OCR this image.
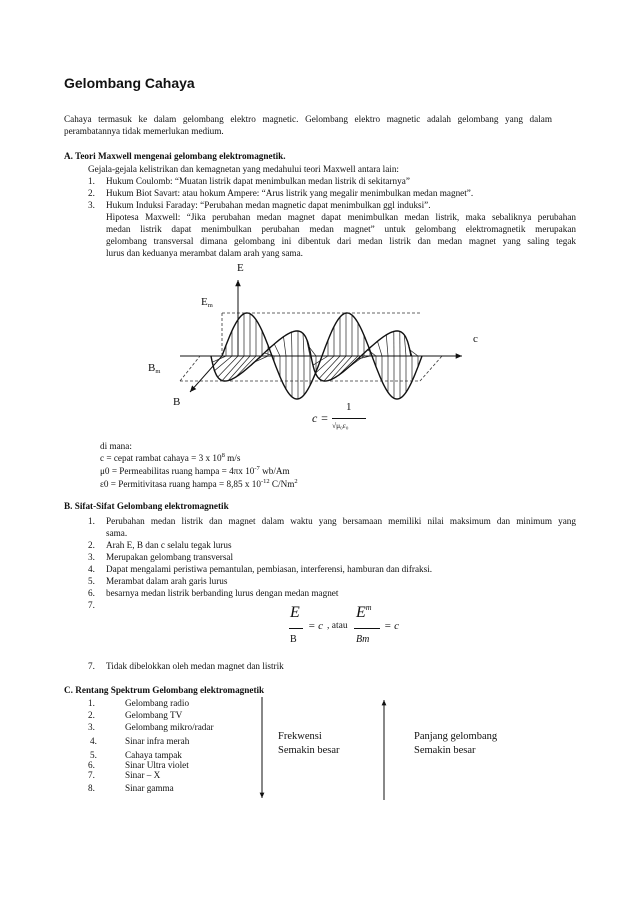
Gelombang Cahaya
Cahaya termasuk ke dalam gelombang elektro magnetic. Gelombang elektro magnetic adalah gelombang yang dalam perambatannya tidak memerlukan medium.
A. Teori Maxwell mengenai gelombang elektromagnetik.
Gejala-gejala kelistrikan dan kemagnetan yang medahului teori Maxwell antara lain:
1. Hukum Coulomb: “Muatan listrik dapat menimbulkan medan listrik di sekitarnya”
2. Hukum Biot Savart: atau hokum Ampere: “Arus listrik yang megalir menimbulkan medan magnet”.
3. Hukum Induksi Faraday: “Perubahan medan magnetic dapat menimbulkan ggl induksi”.
Hipotesa Maxwell: “Jika perubahan medan magnet dapat menimbulkan medan listrik, maka sebaliknya perubahan
medan listrik dapat menimbulkan perubahan medan magnet” untuk gelombang elektromagnetik merupakan
gelombang transversal dimana gelombang ini dibentuk dari medan listrik dan medan magnet yang saling tegak
lurus dan keduanya merambat dalam arah yang sama.
E
$E_m$
c
$B_m$
B
c =
1
√μ₀ε₀
di mana:
c = cepat rambat cahaya = 3 x $10^8$ m/s
μ0 = Permeabilitas ruang hampa = 4πx $10^{-7}$ wb/Am
ε0 = Permitivitasa ruang hampa = 8,85 x $10^{-12}$ C/Nm$^2$
B. Sifat-Sifat Gelombang elektromagnetik
1. Perubahan medan listrik dan magnet dalam waktu yang bersamaan memiliki nilai maksimum dan minimum yang
sama.
2. Arah E, B dan c selalu tegak lurus
3. Merupakan gelombang transversal
4. Dapat mengalami peristiwa pemantulan, pembiasan, interferensi, hamburan dan difraksi.
5. Merambat dalam arah garis lurus
6. besarnya medan listrik berbanding lurus dengan medan magnet
7.	E
B
= c , atau
$E^m$
Bm
= c
7. Tidak dibelokkan oleh medan magnet dan listrik
C. Rentang Spektrum Gelombang elektromagnetik
1.	Gelombang radio
2.	Gelombang TV
3.	Gelombang mikro/radar
4.	Sinar infra merah
5.	Cahaya tampak
6.	Sinar Ultra violet
7.	Sinar – X
8.	Sinar gamma
Frekwensi
Semakin besar
Panjang gelombang
Semakin besar
